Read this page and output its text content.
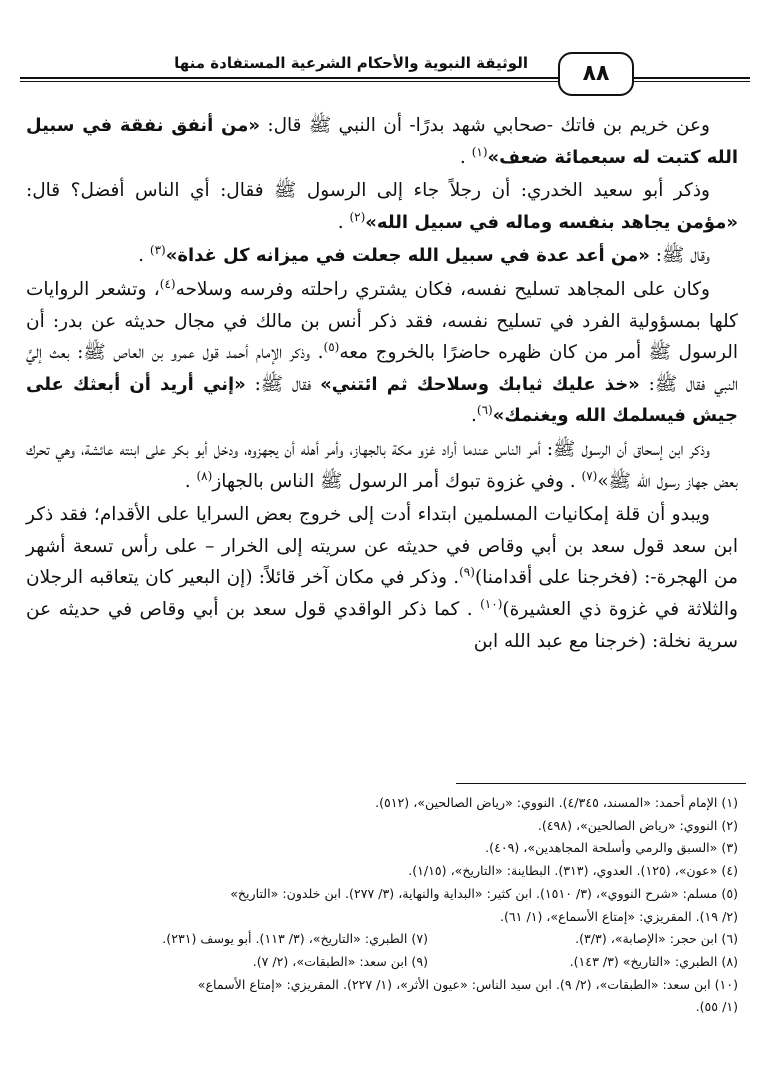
الوثيقة النبوية والأحكام الشرعية المستفادة منها	٨٨

وعن خريم بن فاتك -صحابي شهد بدرًا- أن النبي ﷺ قال: «من أنفق نفقة في سبيل الله كتبت له سبعمائة ضعف»$^{(١)}$ .

وذكر أبو سعيد الخدري: أن رجلاً جاء إلى الرسول ﷺ فقال: أي الناس أفضل؟ قال: «مؤمن يجاهد بنفسه وماله في سبيل الله»$^{(٢)}$ .

وقال ﷺ: «من أعد عدة في سبيل الله جعلت في ميزانه كل غداة»$^{(٣)}$ .

وكان على المجاهد تسليح نفسه، فكان يشتري راحلته وفرسه وسلاحه$^{(٤)}$، وتشعر الروايات كلها بمسؤولية الفرد في تسليح نفسه، فقد ذكر أنس بن مالك في مجال حديثه عن بدر: أن الرسول ﷺ أمر من كان ظهره حاضرًا بالخروج معه$^{(٥)}$. وذكر الإمام أحمد قول عمرو بن العاص ﷺ: بعث إليَّ النبي فقال ﷺ: «خذ عليك ثيابك وسلاحك ثم ائتني» فقال ﷺ: «إني أريد أن أبعثك على جيش فيسلمك الله ويغنمك»$^{(٦)}$.

وذكر ابن إسحاق أن الرسول ﷺ: أمر الناس عندما أراد غزو مكة بالجهاز، وأمر أهله أن يجهزوه، ودخل أبو بكر على ابنته عائشة، وهي تحرك بعض جهاز رسول الله ﷺ»$^{(٧)}$ . وفي غزوة تبوك أمر الرسول ﷺ الناس بالجهاز$^{(٨)}$ .

ويبدو أن قلة إمكانيات المسلمين ابتداء أدت إلى خروج بعض السرايا على الأقدام؛ فقد ذكر ابن سعد قول سعد بن أبي وقاص في حديثه عن سريته إلى الخرار – على رأس تسعة أشهر من الهجرة-: (فخرجنا على أقدامنا)$^{(٩)}$. وذكر في مكان آخر قائلاً: (إن البعير كان يتعاقبه الرجلان والثلاثة في غزوة ذي العشيرة)$^{(١٠)}$ . كما ذكر الواقدي قول سعد بن أبي وقاص في حديثه عن سرية نخلة: (خرجنا مع عبد الله ابن

(١) الإمام أحمد: «المسند، ٤/٣٤٥). النووي: «رياض الصالحين»، (٥١٢).
(٢) النووي: «رياض الصالحين»، (٤٩٨).
(٣) «السبق والرمي وأسلحة المجاهدين»، (٤٠٩).
(٤) «عون»، (١٢٥). العدوي، (٣١٣). البطاينة: «التاريخ»، (١/١٥).
(٥) مسلم: «شرح النووي»، (٣/ ١٥١٠). ابن كثير: «البداية والنهاية، (٣/ ٢٧٧). ابن خلدون: «التاريخ»
(٢/ ١٩). المقريزي: «إمتاع الأسماع»، (١/ ٦١).
(٦) ابن حجر: «الإصابة»، (٣/٣).
(٧) الطبري: «التاريخ»، (٣/ ١١٣). أبو يوسف (٢٣١).
(٨) الطبري: «التاريخ» (٣/ ١٤٣).
(٩) ابن سعد: «الطبقات»، (٢/ ٧).
(١٠) ابن سعد: «الطبقات»، (٢/ ٩). ابن سيد الناس: «عيون الأثر»، (١/ ٢٢٧). المقريزي: «إمتاع الأسماع»
(١/ ٥٥).
